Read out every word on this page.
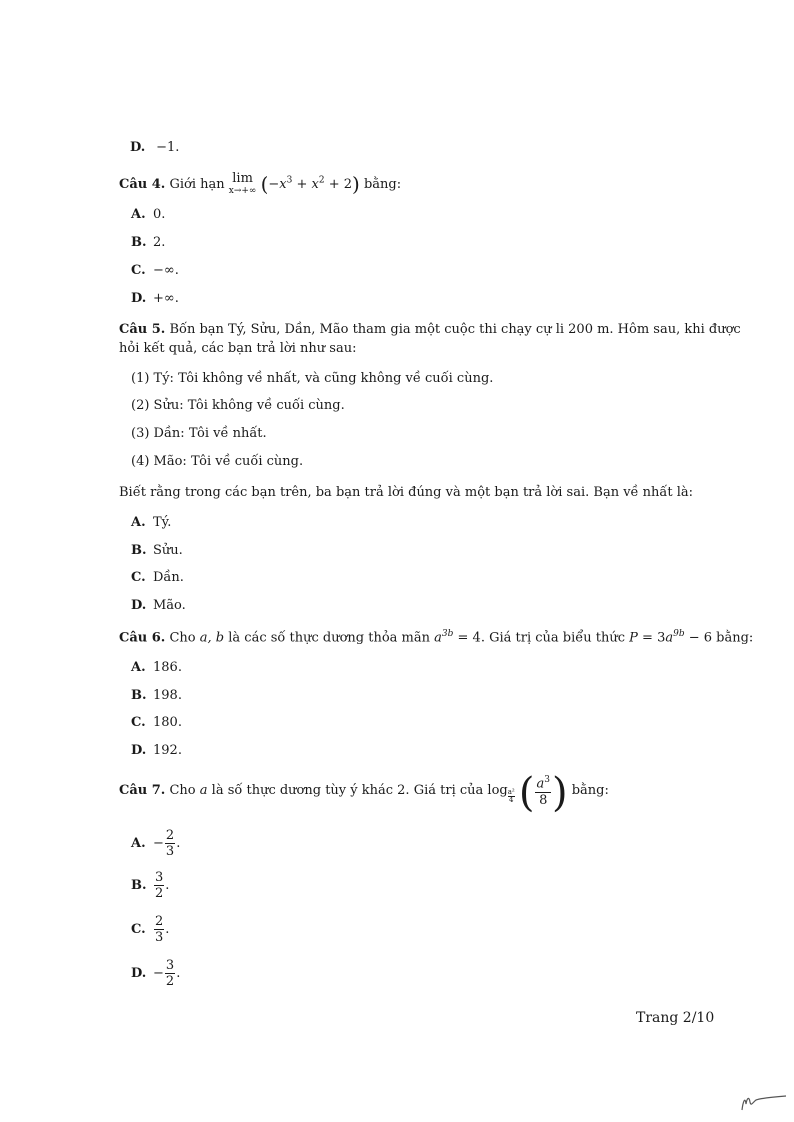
D. −1.
Câu 4. Giới hạn lim
x→+∞ $(-x^3 + x^2 + 2)$ bằng:
A. 0.
B. 2.
C. −∞.
D. +∞.
Câu 5. Bốn bạn Tý, Sửu, Dần, Mão tham gia một cuộc thi chạy cự li 200 m. Hôm sau, khi được
hỏi kết quả, các bạn trả lời như sau:
(1) Tý: Tôi không về nhất, và cũng không về cuối cùng.
(2) Sửu: Tôi không về cuối cùng.
(3) Dần: Tôi về nhất.
(4) Mão: Tôi về cuối cùng.
Biết rằng trong các bạn trên, ba bạn trả lời đúng và một bạn trả lời sai. Bạn về nhất là:
A. Tý.
B. Sửu.
C. Dần.
D. Mão.
Câu 6. Cho a, b là các số thực dương thỏa mãn $a^{3b} = 4$. Giá trị của biểu thức $P = 3a^{9b} - 6$ bằng:
A. 186.
B. 198.
C. 180.
D. 192.
Câu 7. Cho a là số thực dương tùy ý khác 2. Giá trị của $\log \frac{\text{a²}}{4}$ ( $\frac{a^3}{8}$ ) bằng:
A. − $\frac{2}{3}$ .
B. $\frac{3}{2}$ .
C. $\frac{2}{3}$ .
D. − $\frac{3}{2}$ .
Trang 2/10
